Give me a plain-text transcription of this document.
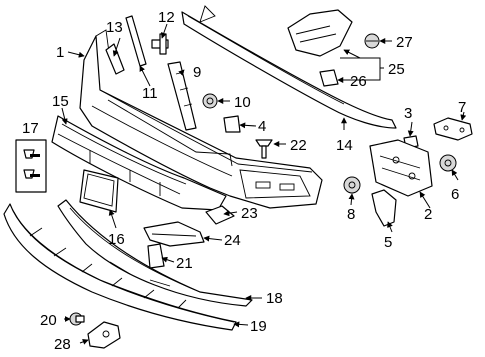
1
2
3
4
5
6
7
8
9
10
11
12
13
14
15
16
17
18
19
20
21
22
23
24
25
26
27
28
